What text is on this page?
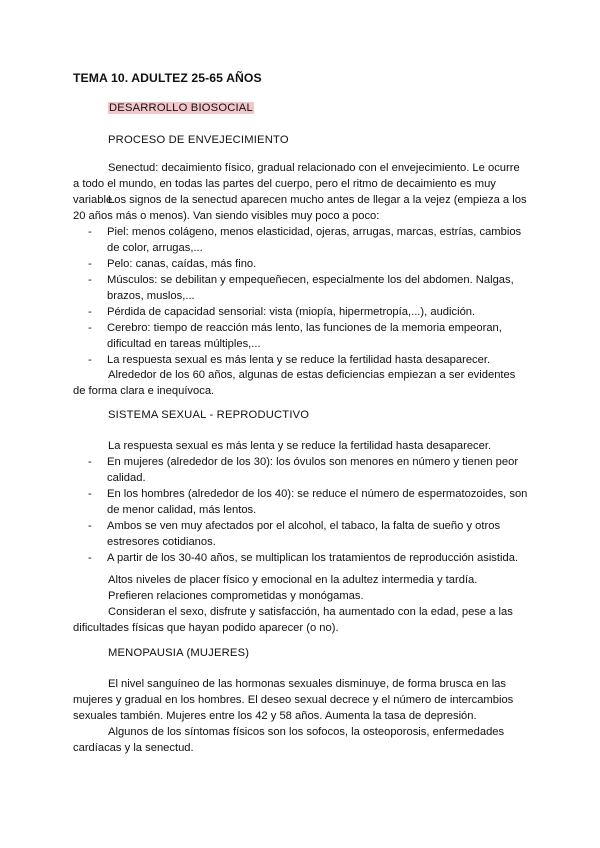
TEMA 10. ADULTEZ 25-65 AÑOS
DESARROLLO BIOSOCIAL
PROCESO DE ENVEJECIMIENTO
Senectud: decaimiento físico, gradual relacionado con el envejecimiento. Le ocurre a todo el mundo, en todas las partes del cuerpo, pero el ritmo de decaimiento es muy variable.
Los signos de la senectud aparecen mucho antes de llegar a la vejez (empieza a los 20 años más o menos). Van siendo visibles muy poco a poco:
- Piel: menos colágeno, menos elasticidad, ojeras, arrugas, marcas, estrías, cambios de color, arrugas,...
- Pelo: canas, caídas, más fino.
- Músculos: se debilitan y empequeñecen, especialmente los del abdomen. Nalgas, brazos, muslos,...
- Pérdida de capacidad sensorial: vista (miopía, hipermetropía,...), audición.
- Cerebro: tiempo de reacción más lento, las funciones de la memoria empeoran, dificultad en tareas múltiples,...
- La respuesta sexual es más lenta y se reduce la fertilidad hasta desaparecer.
Alrededor de los 60 años, algunas de estas deficiencias empiezan a ser evidentes de forma clara e inequívoca.
SISTEMA SEXUAL - REPRODUCTIVO
La respuesta sexual es más lenta y se reduce la fertilidad hasta desaparecer.
- En mujeres (alrededor de los 30): los óvulos son menores en número y tienen peor calidad.
- En los hombres (alrededor de los 40): se reduce el número de espermatozoides, son de menor calidad, más lentos.
- Ambos se ven muy afectados por el alcohol, el tabaco, la falta de sueño y otros estresores cotidianos.
- A partir de los 30-40 años, se multiplican los tratamientos de reproducción asistida.
Altos niveles de placer físico y emocional en la adultez intermedia y tardía.
Prefieren relaciones comprometidas y monógamas.
Consideran el sexo, disfrute y satisfacción, ha aumentado con la edad, pese a las dificultades físicas que hayan podido aparecer (o no).
MENOPAUSIA (MUJERES)
El nivel sanguíneo de las hormonas sexuales disminuye, de forma brusca en las mujeres y gradual en los hombres. El deseo sexual decrece y el número de intercambios sexuales también. Mujeres entre los 42 y 58 años. Aumenta la tasa de depresión.
Algunos de los síntomas físicos son los sofocos, la osteoporosis, enfermedades cardíacas y la senectud.
